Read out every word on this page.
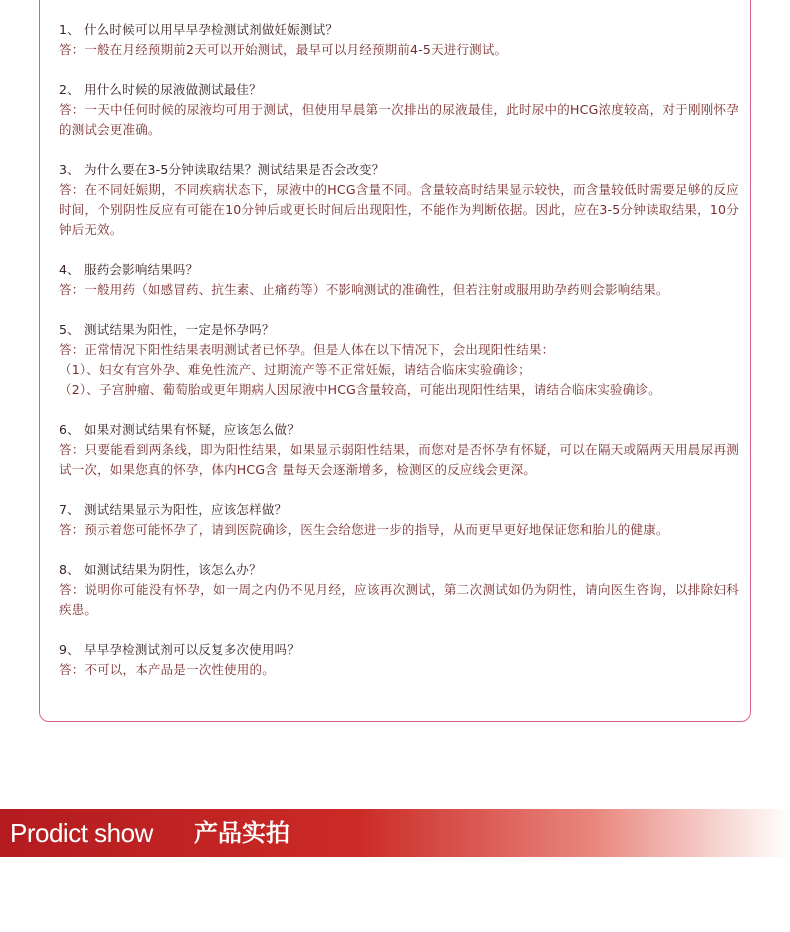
1、 什么时候可以用早早孕检测试剂做妊娠测试？

答：一般在月经预期前2天可以开始测试，最早可以月经预期前4-5天进行测试。

2、 用什么时候的尿液做测试最佳？

答：一天中任何时候的尿液均可用于测试，但使用早晨第一次排出的尿液最佳，此时尿中的HCG浓度较高，对于刚刚怀孕的测试会更准确。

3、 为什么要在3-5分钟读取结果？测试结果是否会改变？

答：在不同妊娠期，不同疾病状态下，尿液中的HCG含量不同。含量较高时结果显示较快，而含量较低时需要足够的反应时间，个别阴性反应有可能在10分钟后或更长时间后出现阳性，不能作为判断依据。因此，应在3-5分钟读取结果，10分钟后无效。

4、 服药会影响结果吗？

答：一般用药（如感冒药、抗生素、止痛药等）不影响测试的准确性，但若注射或服用助孕药则会影响结果。

5、 测试结果为阳性，一定是怀孕吗？

答：正常情况下阳性结果表明测试者已怀孕。但是人体在以下情况下，会出现阳性结果：

（1）、妇女有宫外孕、难免性流产、过期流产等不正常妊娠，请结合临床实验确诊；

（2）、子宫肿瘤、葡萄胎或更年期病人因尿液中HCG含量较高，可能出现阳性结果，请结合临床实验确诊。

6、 如果对测试结果有怀疑，应该怎么做？

答：只要能看到两条线，即为阳性结果，如果显示弱阳性结果，而您对是否怀孕有怀疑，可以在隔天或隔两天用晨尿再测试一次，如果您真的怀孕，体内HCG含 量每天会逐渐增多，检测区的反应线会更深。

7、 测试结果显示为阳性，应该怎样做？

答：预示着您可能怀孕了，请到医院确诊，医生会给您进一步的指导，从而更早更好地保证您和胎儿的健康。

8、 如测试结果为阴性，该怎么办？

答：说明你可能没有怀孕，如一周之内仍不见月经，应该再次测试，第二次测试如仍为阴性，请向医生咨询，以排除妇科疾患。

9、 早早孕检测试剂可以反复多次使用吗？

答：不可以，本产品是一次性使用的。

Prodict show 产品实拍
